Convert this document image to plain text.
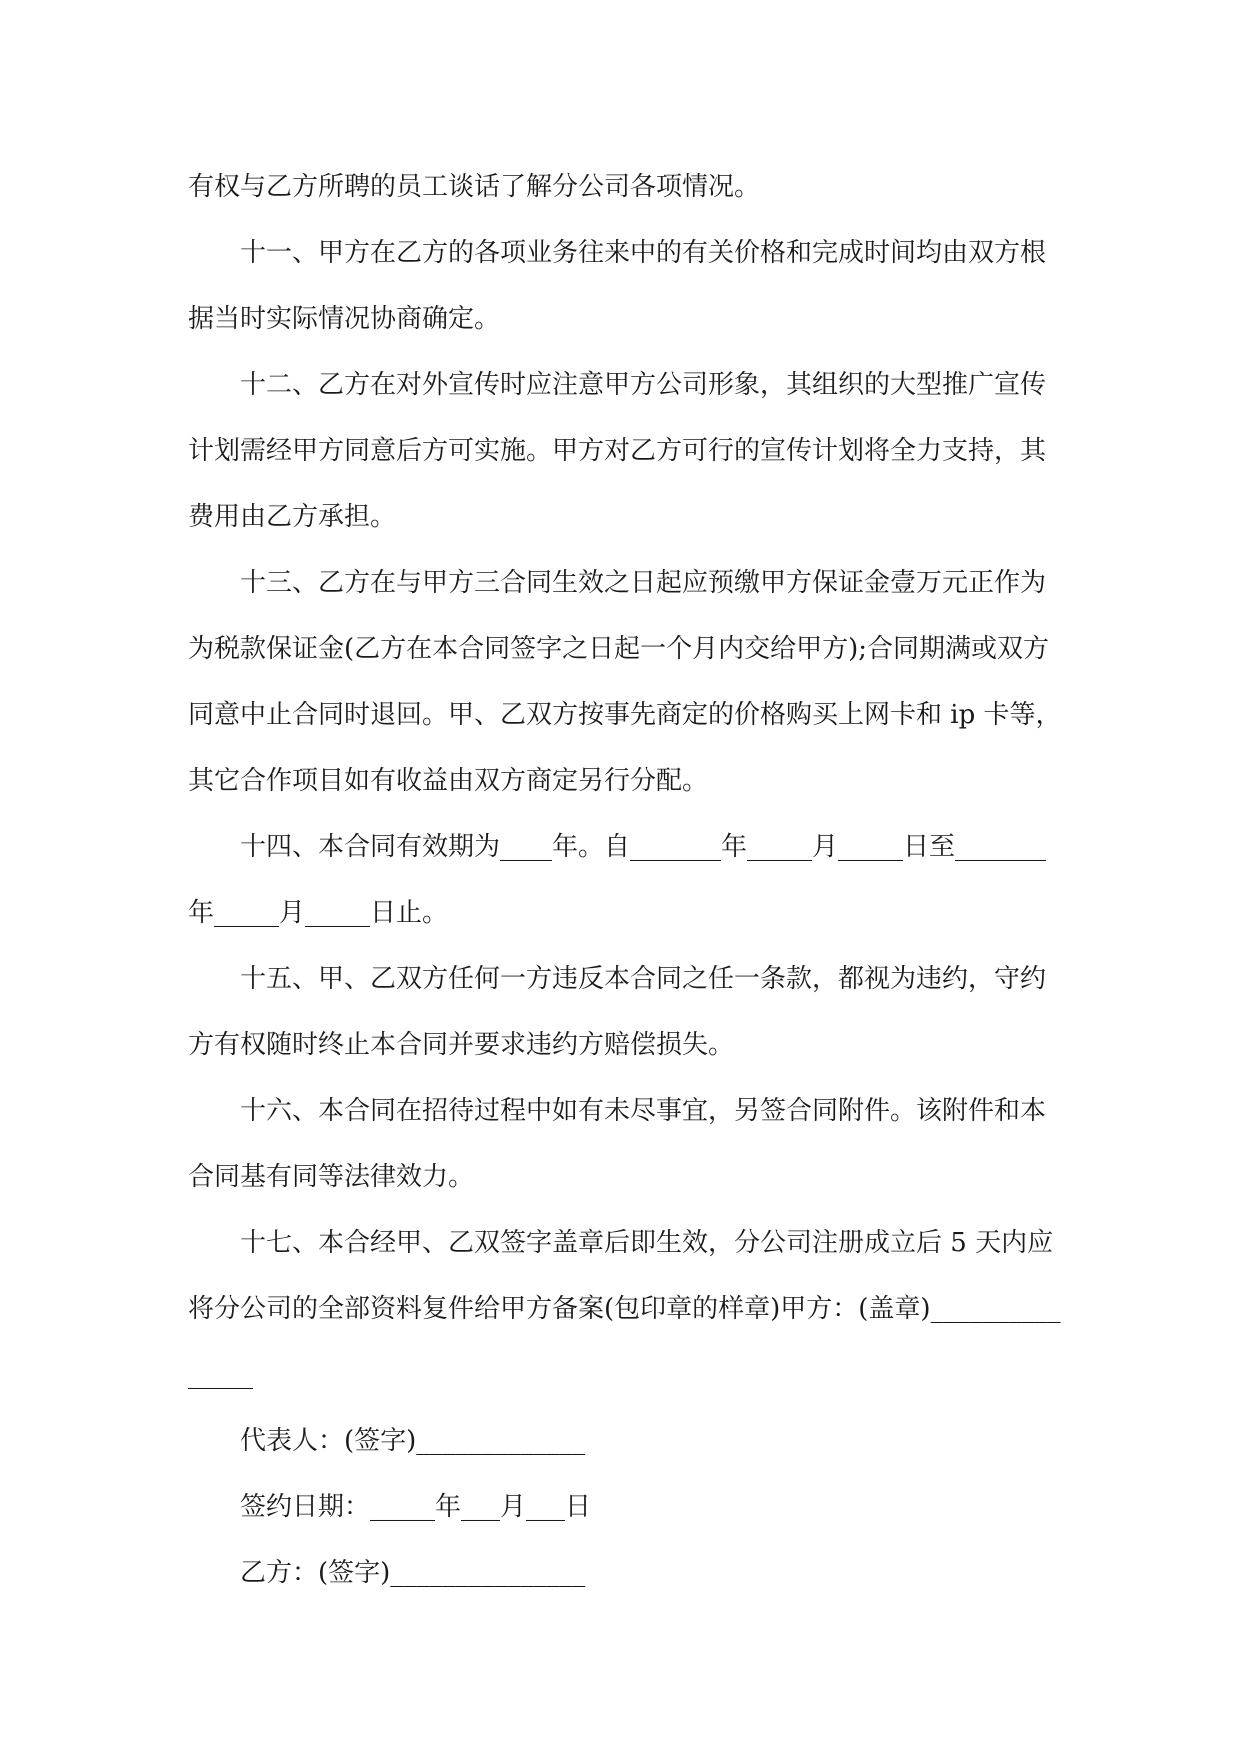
有权与乙方所聘的员工谈话了解分公司各项情况。

十一、甲方在乙方的各项业务往来中的有关价格和完成时间均由双方根据当时实际情况协商确定。

十二、乙方在对外宣传时应注意甲方公司形象，其组织的大型推广宣传计划需经甲方同意后方可实施。甲方对乙方可行的宣传计划将全力支持，其费用由乙方承担。

十三、乙方在与甲方三合同生效之日起应预缴甲方保证金壹万元正作为为税款保证金(乙方在本合同签字之日起一个月内交给甲方);合同期满或双方同意中止合同时退回。甲、乙双方按事先商定的价格购买上网卡和 ip 卡等，其它合作项目如有收益由双方商定另行分配。

十四、本合同有效期为____年。自_______年_____月_____日至_______年_____月_____日止。

十五、甲、乙双方任何一方违反本合同之任一条款，都视为违约，守约方有权随时终止本合同并要求违约方赔偿损失。

十六、本合同在招待过程中如有未尽事宜，另签合同附件。该附件和本合同基有同等法律效力。

十七、本合经甲、乙双签字盖章后即生效，分公司注册成立后 5 天内应将分公司的全部资料复件给甲方备案(包印章的样章)甲方：(盖章)_______________

代表人：(签字)_____________

签约日期：_____年___月___日

乙方：(签字)_______________
